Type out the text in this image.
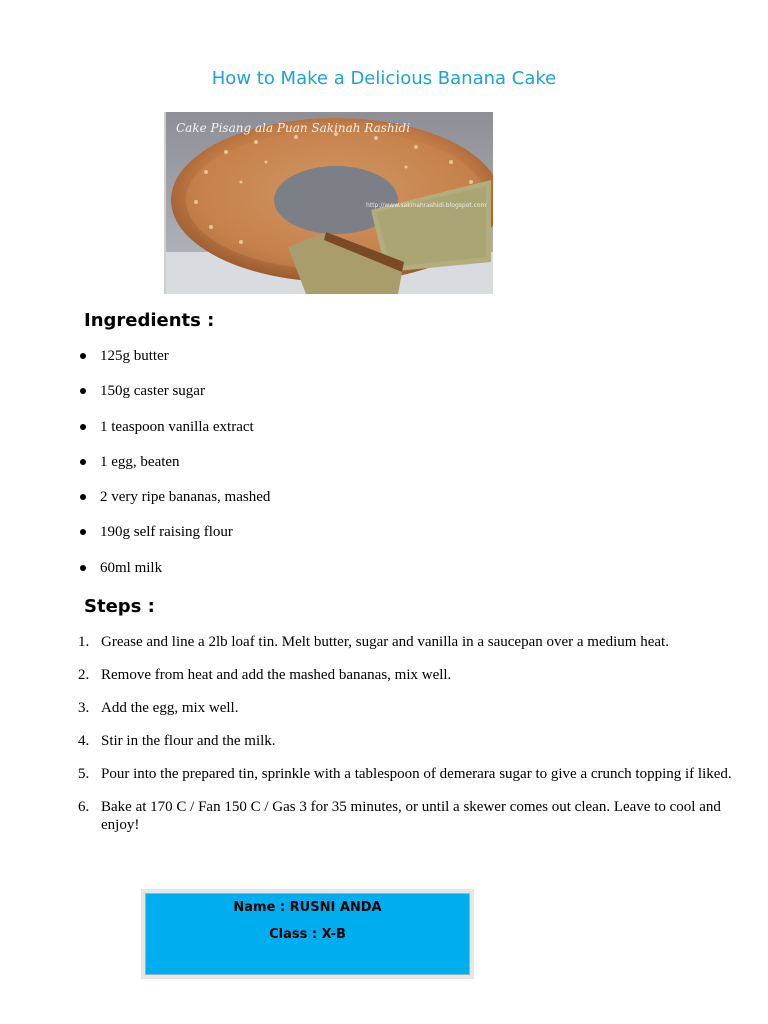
How to Make a Delicious Banana Cake
Cake Pisang ala Puan Sakinah Rashidi
http://www.sakinahrashidi.blogspot.com
Ingredients :
125g butter
150g caster sugar
1 teaspoon vanilla extract
1 egg, beaten
2 very ripe bananas, mashed
190g self raising flour
60ml milk
Steps :
1. Grease and line a 2lb loaf tin. Melt butter, sugar and vanilla in a saucepan over a medium heat.
2. Remove from heat and add the mashed bananas, mix well.
3. Add the egg, mix well.
4. Stir in the flour and the milk.
5. Pour into the prepared tin, sprinkle with a tablespoon of demerara sugar to give a crunch topping if liked.
6. Bake at 170 C / Fan 150 C / Gas 3 for 35 minutes, or until a skewer comes out clean. Leave to cool and enjoy!
Name : RUSNI ANDA
Class : X-B
